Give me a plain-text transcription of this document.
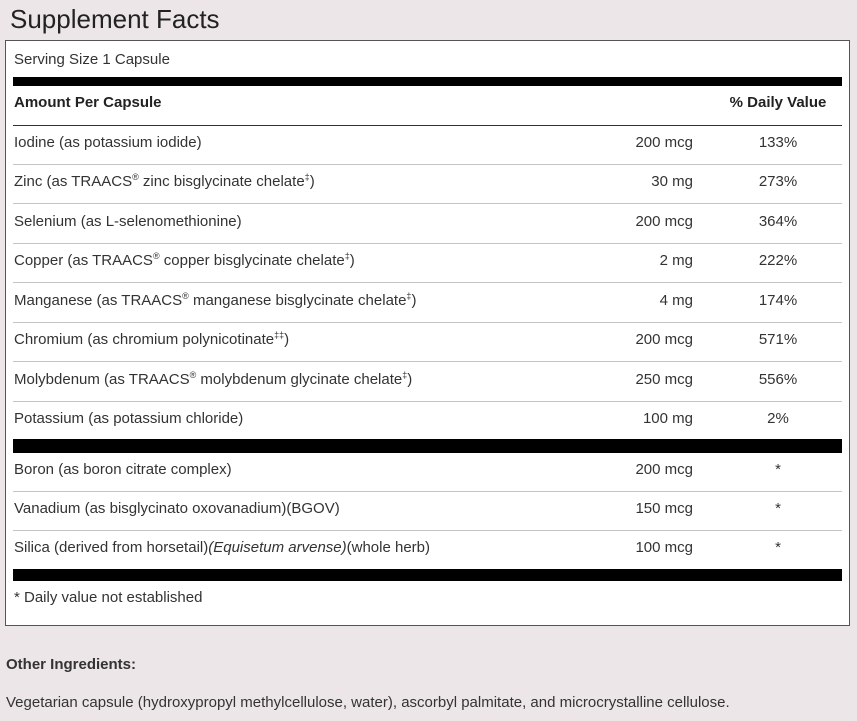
Supplement Facts
Serving Size 1 Capsule
Amount Per Capsule	% Daily Value
Iodine (as potassium iodide)	200 mcg	133%
Zinc (as TRAACS® zinc bisglycinate chelate‡)	30 mg	273%
Selenium (as L-selenomethionine)	200 mcg	364%
Copper (as TRAACS® copper bisglycinate chelate‡)	2 mg	222%
Manganese (as TRAACS® manganese bisglycinate chelate‡)	4 mg	174%
Chromium (as chromium polynicotinate‡‡)	200 mcg	571%
Molybdenum (as TRAACS® molybdenum glycinate chelate‡)	250 mcg	556%
Potassium (as potassium chloride)	100 mg	2%
Boron (as boron citrate complex)	200 mcg	*
Vanadium (as bisglycinato oxovanadium)(BGOV)	150 mcg	*
Silica (derived from horsetail)(Equisetum arvense)(whole herb)	100 mcg	*
* Daily value not established
Other Ingredients:
Vegetarian capsule (hydroxypropyl methylcellulose, water), ascorbyl palmitate, and microcrystalline cellulose.
